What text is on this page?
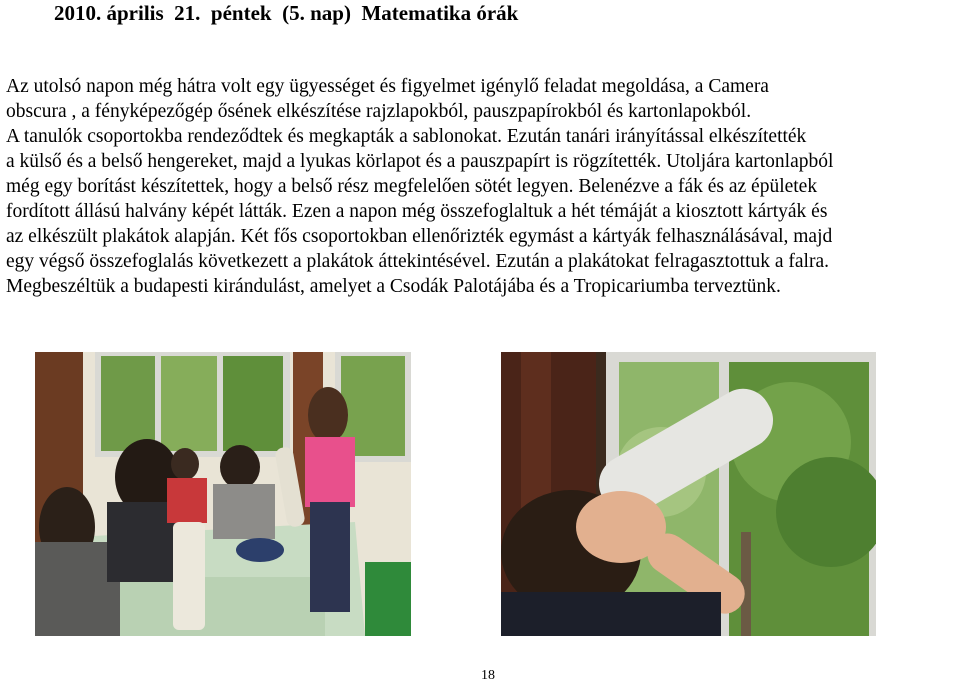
2010. április  21.  péntek  (5. nap)  Matematika órák
Az utolsó napon még hátra volt egy ügyességet és figyelmet igénylő feladat megoldása, a Camera
obscura , a fényképezőgép ősének elkészítése rajzlapokból, pauszpapírokból és kartonlapokból.
A tanulók csoportokba rendeződtek és megkapták a sablonokat. Ezután tanári irányítással elkészítették
a külső és a belső hengereket, majd a lyukas körlapot és a pauszpapírt is rögzítették. Utoljára kartonlapból
még egy borítást készítettek, hogy a belső rész megfelelően sötét legyen. Belenézve a fák és az épületek
fordított állású halvány képét látták. Ezen a napon még összefoglaltuk a hét témáját a kiosztott kártyák és
az elkészült plakátok alapján. Két fős csoportokban ellenőrizték egymást a kártyák felhasználásával, majd
egy végső összefoglalás következett a plakátok áttekintésével. Ezután a plakátokat felragasztottuk a falra.
Megbeszéltük a budapesti kirándulást, amelyet a Csodák Palotájába és a Tropicariumba terveztünk.
18
